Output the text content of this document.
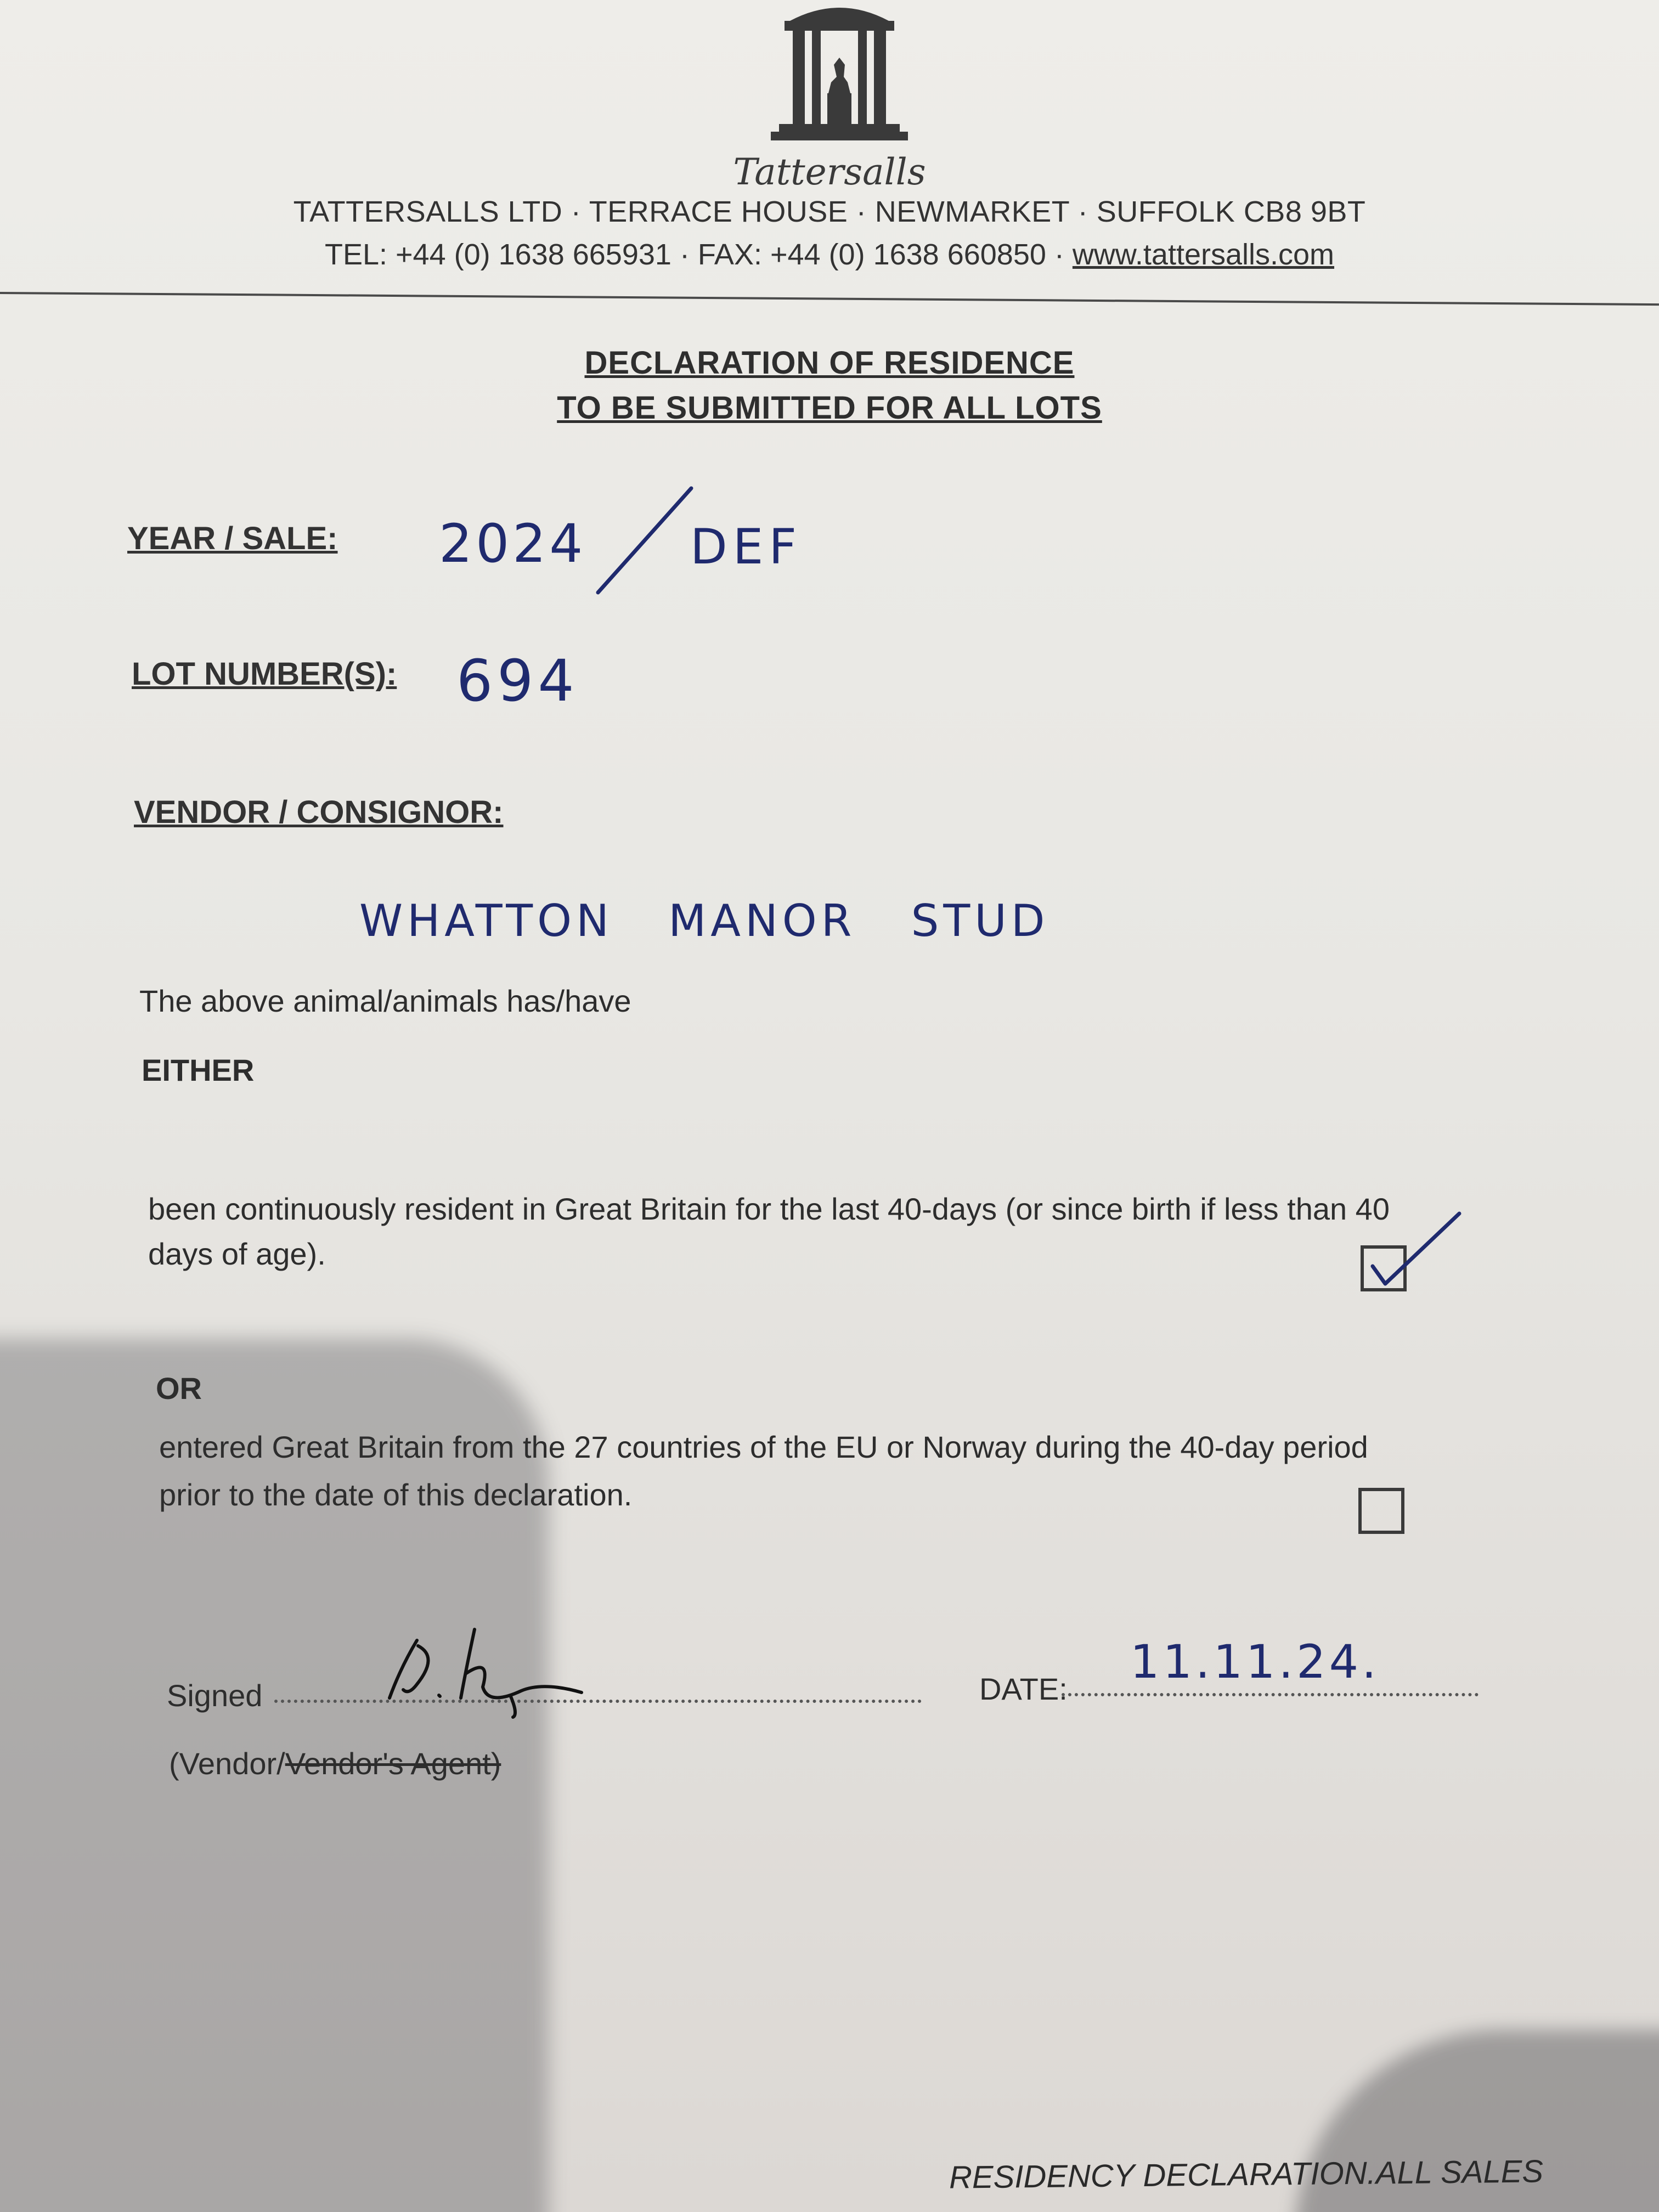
Tattersalls
TATTERSALLS LTD · TERRACE HOUSE · NEWMARKET · SUFFOLK CB8 9BT
TEL: +44 (0) 1638 665931 · FAX: +44 (0) 1638 660850 · www.tattersalls.com
DECLARATION OF RESIDENCE
TO BE SUBMITTED FOR ALL LOTS
YEAR / SALE: 2024 DEF
LOT NUMBER(S): 694
VENDOR / CONSIGNOR:
WHATTON   MANOR   STUD
The above animal/animals has/have
EITHER
been continuously resident in Great Britain for the last 40-days (or since birth if less than 40
days of age).
OR
entered Great Britain from the 27 countries of the EU or Norway during the 40-day period
prior to the date of this declaration.
Signed	DATE:
11.11.24.
(Vendor/Vendor's Agent)
RESIDENCY DECLARATION.ALL SALES
